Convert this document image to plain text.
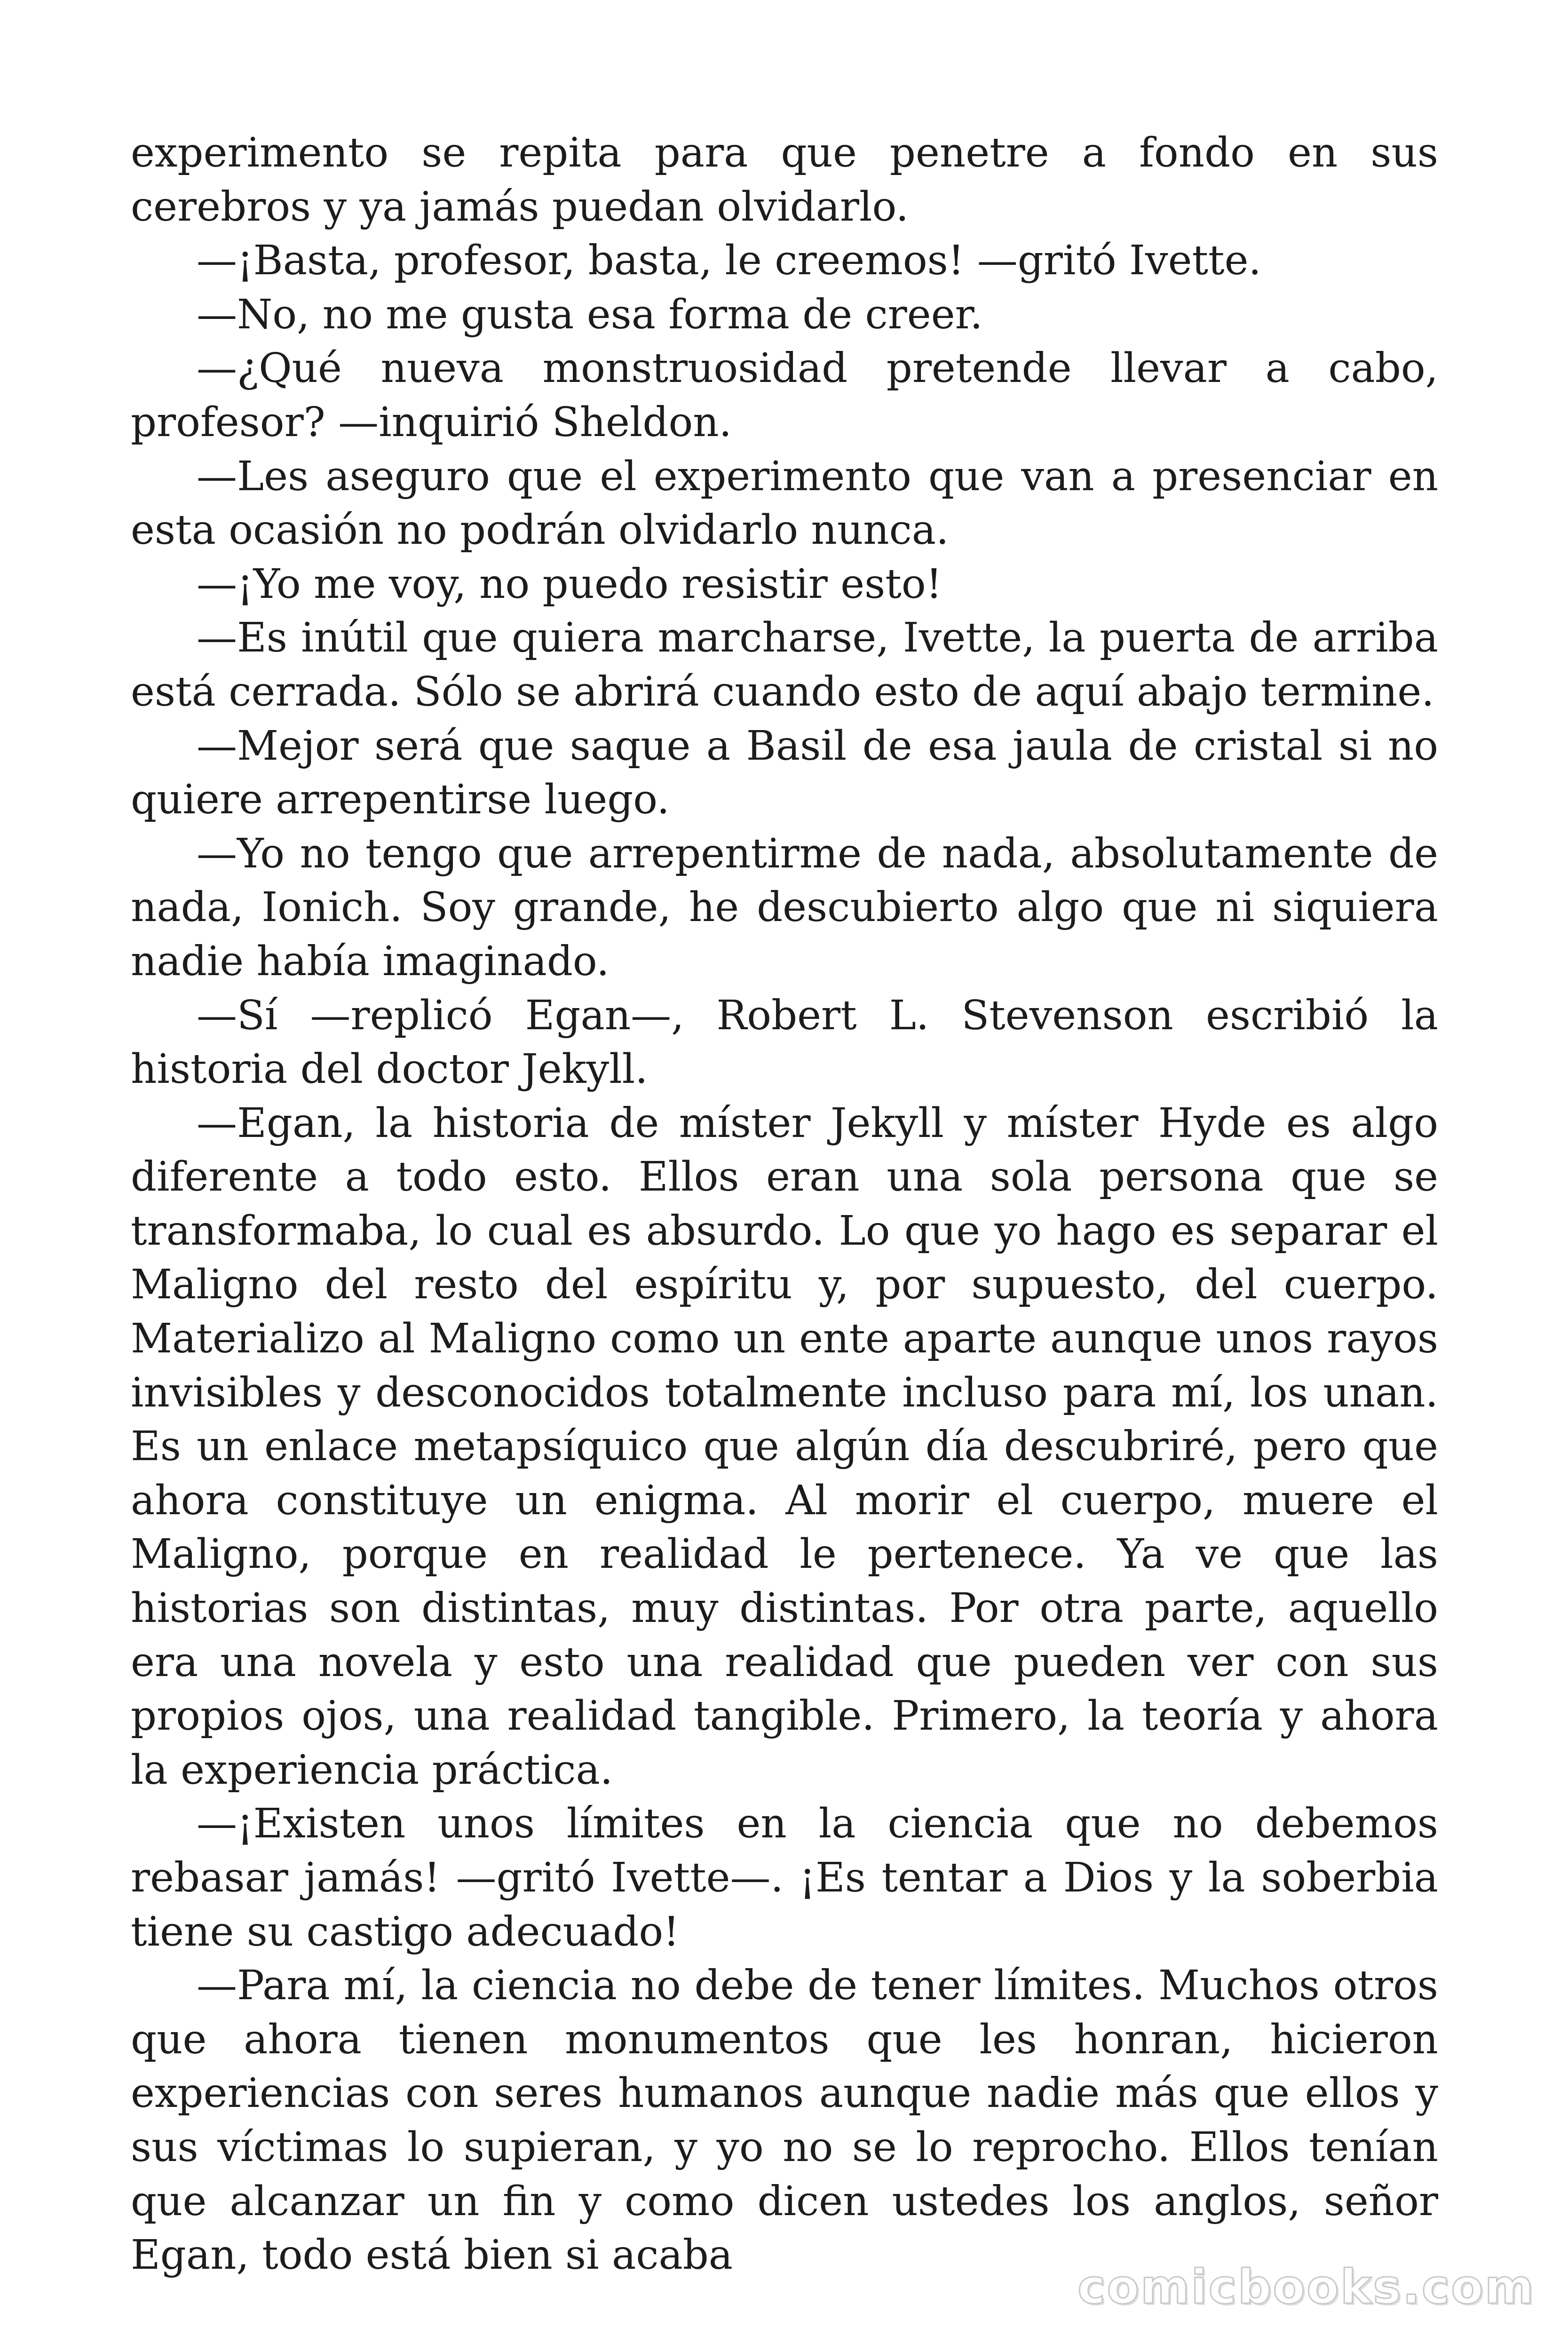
experimento se repita para que penetre a fondo en sus cerebros y ya jamás puedan olvidarlo.

—¡Basta, profesor, basta, le creemos! —gritó Ivette.

—No, no me gusta esa forma de creer.

—¿Qué nueva monstruosidad pretende llevar a cabo, profesor? —inquirió Sheldon.

—Les aseguro que el experimento que van a presenciar en esta ocasión no podrán olvidarlo nunca.

—¡Yo me voy, no puedo resistir esto!

—Es inútil que quiera marcharse, Ivette, la puerta de arriba está cerrada. Sólo se abrirá cuando esto de aquí abajo termine.

—Mejor será que saque a Basil de esa jaula de cristal si no quiere arrepentirse luego.

—Yo no tengo que arrepentirme de nada, absolutamente de nada, Ionich. Soy grande, he descubierto algo que ni siquiera nadie había imaginado.

—Sí —replicó Egan—, Robert L. Stevenson escribió la historia del doctor Jekyll.

—Egan, la historia de míster Jekyll y míster Hyde es algo diferente a todo esto. Ellos eran una sola persona que se transformaba, lo cual es absurdo. Lo que yo hago es separar el Maligno del resto del espíritu y, por supuesto, del cuerpo. Materializo al Maligno como un ente aparte aunque unos rayos invisibles y desconocidos totalmente incluso para mí, los unan. Es un enlace metapsíquico que algún día descubriré, pero que ahora constituye un enigma. Al morir el cuerpo, muere el Maligno, porque en realidad le pertenece. Ya ve que las historias son distintas, muy distintas. Por otra parte, aquello era una novela y esto una realidad que pueden ver con sus propios ojos, una realidad tangible. Primero, la teoría y ahora la experiencia práctica.

—¡Existen unos límites en la ciencia que no debemos rebasar jamás! —gritó Ivette—. ¡Es tentar a Dios y la soberbia tiene su castigo adecuado!

—Para mí, la ciencia no debe de tener límites. Muchos otros que ahora tienen monumentos que les honran, hicieron experiencias con seres humanos aunque nadie más que ellos y sus víctimas lo supieran, y yo no se lo reprocho. Ellos tenían que alcanzar un fin y como dicen ustedes los anglos, señor Egan, todo está bien si acaba

comicbooks.com
